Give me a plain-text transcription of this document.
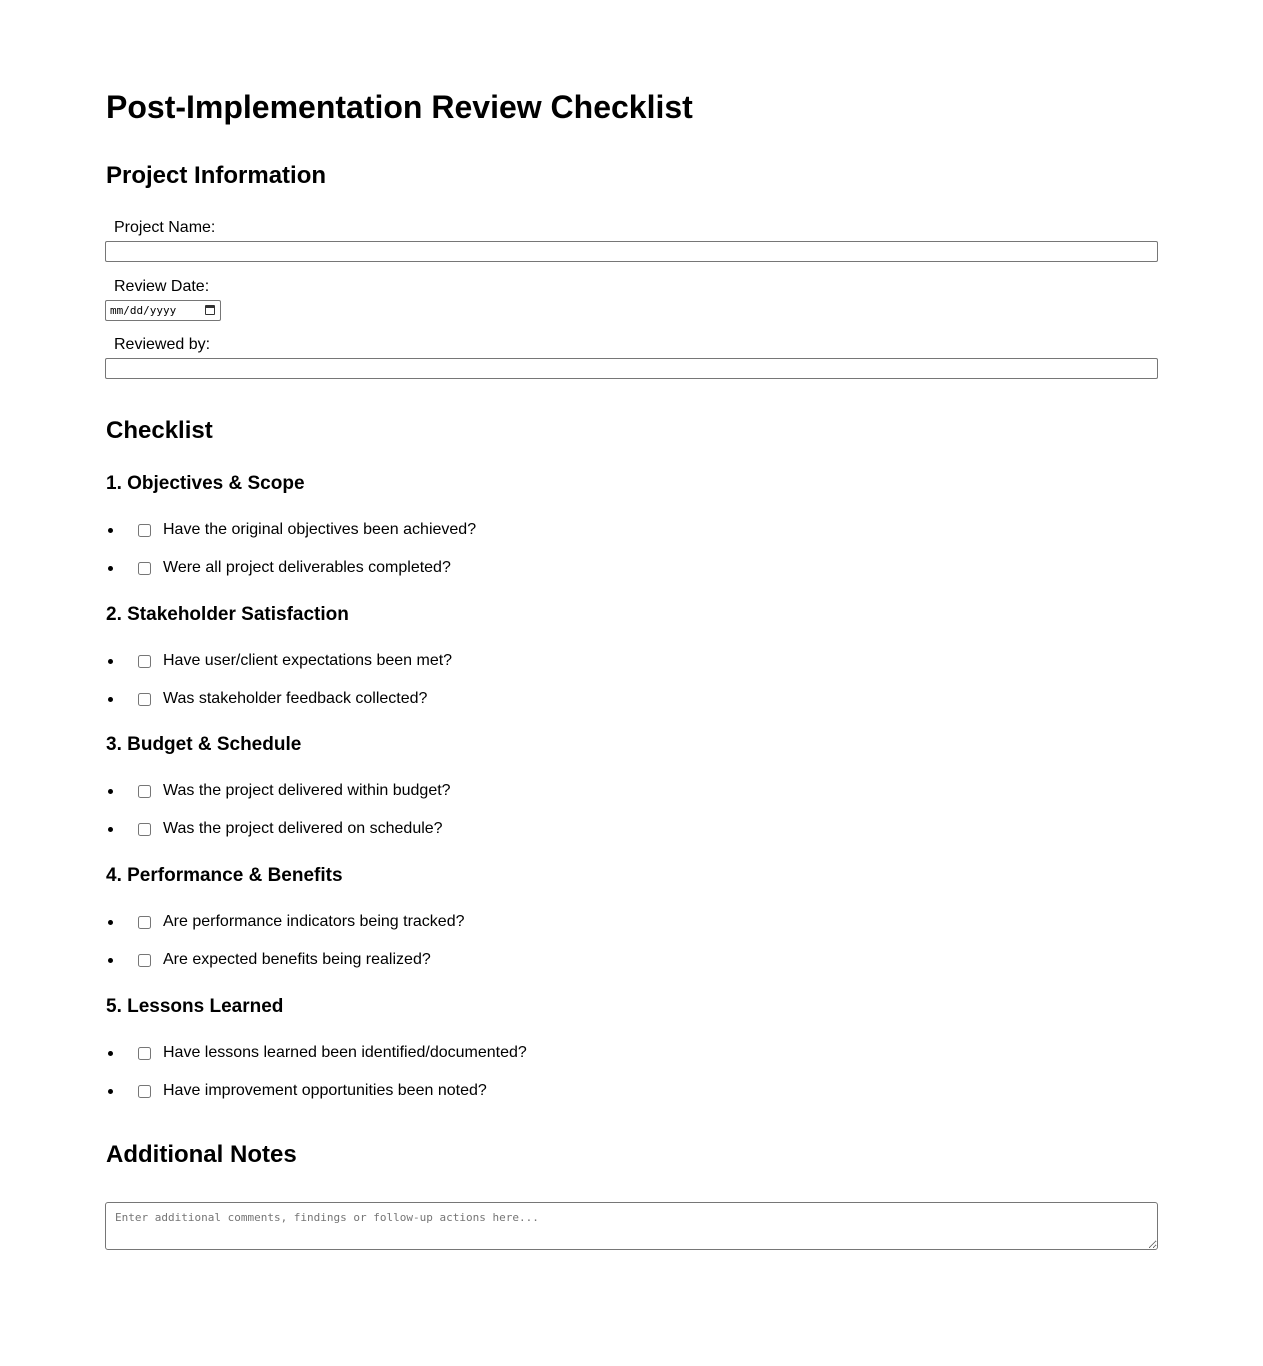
Post-Implementation Review Checklist
Project Information
Project Name:
Review Date:
mm/dd/yyyy
Reviewed by:
Checklist
1. Objectives & Scope
Have the original objectives been achieved?
Were all project deliverables completed?
2. Stakeholder Satisfaction
Have user/client expectations been met?
Was stakeholder feedback collected?
3. Budget & Schedule
Was the project delivered within budget?
Was the project delivered on schedule?
4. Performance & Benefits
Are performance indicators being tracked?
Are expected benefits being realized?
5. Lessons Learned
Have lessons learned been identified/documented?
Have improvement opportunities been noted?
Additional Notes
Enter additional comments, findings or follow-up actions here...
